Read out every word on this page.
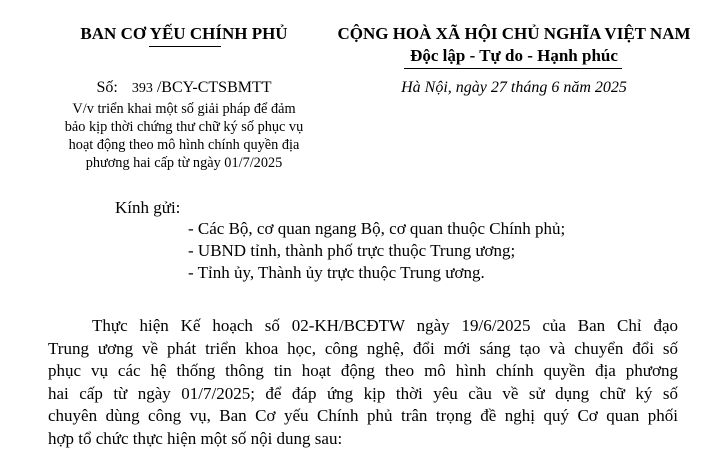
BAN CƠ YẾU CHÍNH PHỦ	CỘNG HOÀ XÃ HỘI CHỦ NGHĨA VIỆT NAM
Độc lập - Tự do - Hạnh phúc
Số: 393 /BCY-CTSBMTT	Hà Nội, ngày 27 tháng 6 năm 2025
V/v triển khai một số giải pháp để đảm
bảo kịp thời chứng thư chữ ký số phục vụ
hoạt động theo mô hình chính quyền địa
phương hai cấp từ ngày 01/7/2025
Kính gửi:
- Các Bộ, cơ quan ngang Bộ, cơ quan thuộc Chính phủ;
- UBND tỉnh, thành phố trực thuộc Trung ương;
- Tỉnh ủy, Thành ủy trực thuộc Trung ương.
Thực hiện Kế hoạch số 02-KH/BCĐTW ngày 19/6/2025 của Ban Chỉ đạo
Trung ương về phát triển khoa học, công nghệ, đổi mới sáng tạo và chuyển đổi số
phục vụ các hệ thống thông tin hoạt động theo mô hình chính quyền địa phương
hai cấp từ ngày 01/7/2025; để đáp ứng kịp thời yêu cầu về sử dụng chữ ký số
chuyên dùng công vụ, Ban Cơ yếu Chính phủ trân trọng đề nghị quý Cơ quan phối
hợp tổ chức thực hiện một số nội dung sau:
